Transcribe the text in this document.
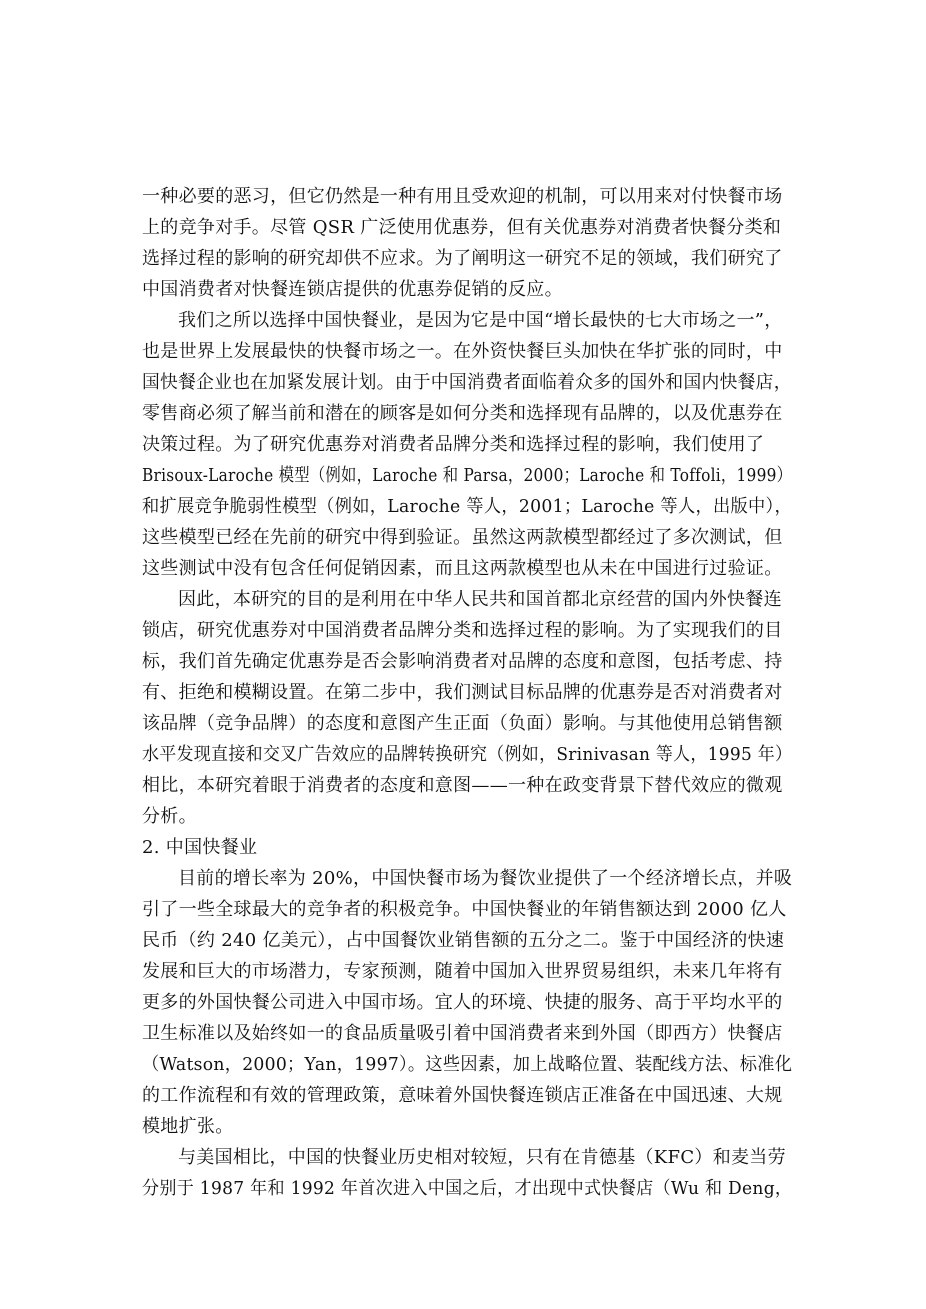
一种必要的恶习，但它仍然是一种有用且受欢迎的机制，可以用来对付快餐市场
上的竞争对手。尽管 QSR 广泛使用优惠券，但有关优惠券对消费者快餐分类和
选择过程的影响的研究却供不应求。为了阐明这一研究不足的领域，我们研究了
中国消费者对快餐连锁店提供的优惠券促销的反应。
我们之所以选择中国快餐业，是因为它是中国“增长最快的七大市场之一”，
也是世界上发展最快的快餐市场之一。在外资快餐巨头加快在华扩张的同时，中
国快餐企业也在加紧发展计划。由于中国消费者面临着众多的国外和国内快餐店，
零售商必须了解当前和潜在的顾客是如何分类和选择现有品牌的，以及优惠券在
决策过程。为了研究优惠券对消费者品牌分类和选择过程的影响，我们使用了
Brisoux-Laroche 模型（例如，Laroche 和 Parsa，2000；Laroche 和 Toffoli，1999）
和扩展竞争脆弱性模型（例如，Laroche 等人，2001；Laroche 等人，出版中），
这些模型已经在先前的研究中得到验证。虽然这两款模型都经过了多次测试，但
这些测试中没有包含任何促销因素，而且这两款模型也从未在中国进行过验证。
因此，本研究的目的是利用在中华人民共和国首都北京经营的国内外快餐连
锁店，研究优惠券对中国消费者品牌分类和选择过程的影响。为了实现我们的目
标，我们首先确定优惠券是否会影响消费者对品牌的态度和意图，包括考虑、持
有、拒绝和模糊设置。在第二步中，我们测试目标品牌的优惠券是否对消费者对
该品牌（竞争品牌）的态度和意图产生正面（负面）影响。与其他使用总销售额
水平发现直接和交叉广告效应的品牌转换研究（例如，Srinivasan 等人，1995 年）
相比，本研究着眼于消费者的态度和意图——一种在政变背景下替代效应的微观
分析。
2. 中国快餐业
目前的增长率为 20%，中国快餐市场为餐饮业提供了一个经济增长点，并吸
引了一些全球最大的竞争者的积极竞争。中国快餐业的年销售额达到 2000 亿人
民币（约 240 亿美元），占中国餐饮业销售额的五分之二。鉴于中国经济的快速
发展和巨大的市场潜力，专家预测，随着中国加入世界贸易组织，未来几年将有
更多的外国快餐公司进入中国市场。宜人的环境、快捷的服务、高于平均水平的
卫生标准以及始终如一的食品质量吸引着中国消费者来到外国（即西方）快餐店
（Watson，2000；Yan，1997）。这些因素，加上战略位置、装配线方法、标准化
的工作流程和有效的管理政策，意味着外国快餐连锁店正准备在中国迅速、大规
模地扩张。
与美国相比，中国的快餐业历史相对较短，只有在肯德基（KFC）和麦当劳
分别于 1987 年和 1992 年首次进入中国之后，才出现中式快餐店（Wu 和 Deng，
